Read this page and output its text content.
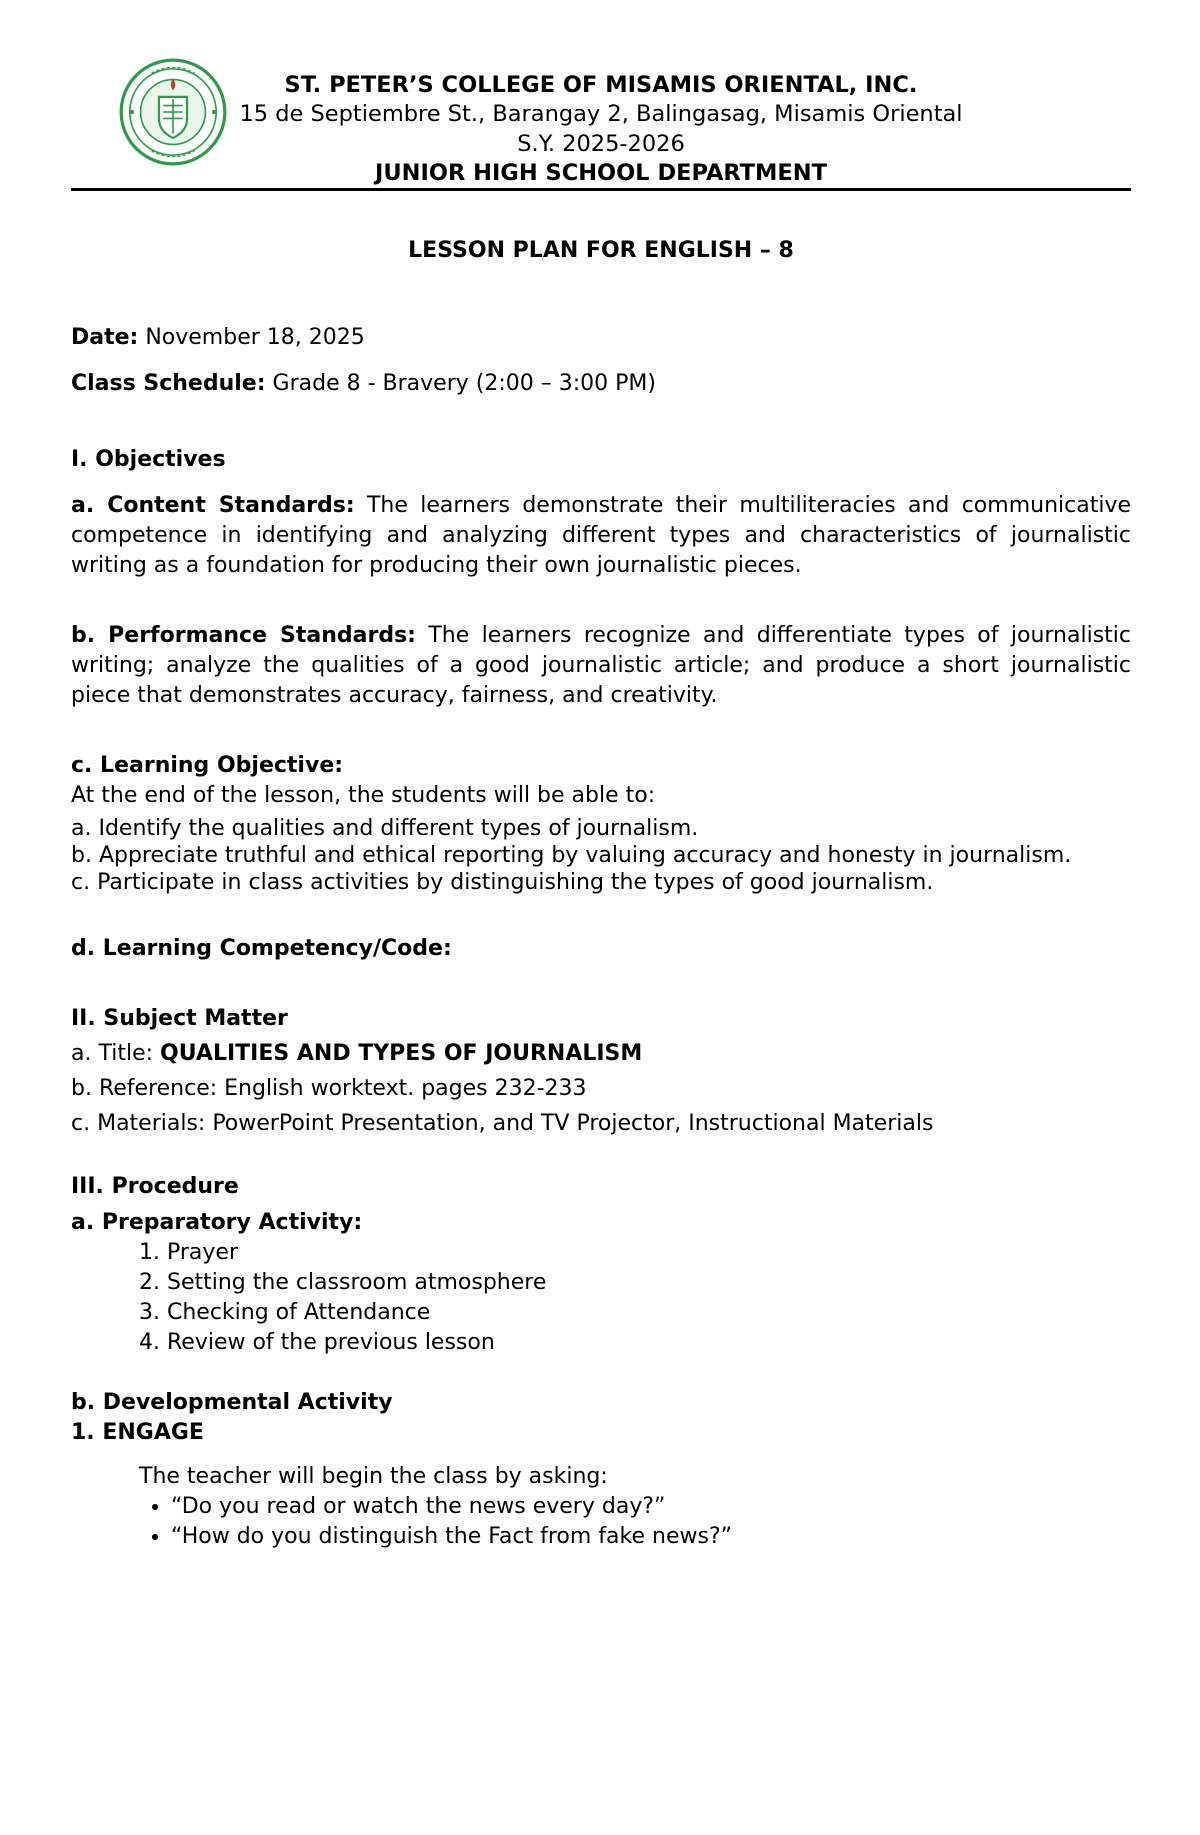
ST. PETER’S COLLEGE OF MISAMIS ORIENTAL, INC.
15 de Septiembre St., Barangay 2, Balingasag, Misamis Oriental
S.Y. 2025-2026
JUNIOR HIGH SCHOOL DEPARTMENT
LESSON PLAN FOR ENGLISH – 8

Date: November 18, 2025

Class Schedule: Grade 8 - Bravery (2:00 – 3:00 PM)

I. Objectives

a. Content Standards: The learners demonstrate their multiliteracies and communicative competence in identifying and analyzing different types and characteristics of journalistic writing as a foundation for producing their own journalistic pieces.

b. Performance Standards: The learners recognize and differentiate types of journalistic writing; analyze the qualities of a good journalistic article; and produce a short journalistic piece that demonstrates accuracy, fairness, and creativity.

c. Learning Objective:

At the end of the lesson, the students will be able to:

a. Identify the qualities and different types of journalism.

b. Appreciate truthful and ethical reporting by valuing accuracy and honesty in journalism.

c. Participate in class activities by distinguishing the types of good journalism.

d. Learning Competency/Code:

II. Subject Matter

a. Title: QUALITIES AND TYPES OF JOURNALISM

b. Reference: English worktext. pages 232-233

c. Materials: PowerPoint Presentation, and TV Projector, Instructional Materials

III. Procedure

a. Preparatory Activity:

1. Prayer

2. Setting the classroom atmosphere

3. Checking of Attendance

4. Review of the previous lesson

b. Developmental Activity

1. ENGAGE

The teacher will begin the class by asking:

• “Do you read or watch the news every day?”
• “How do you distinguish the Fact from fake news?”
